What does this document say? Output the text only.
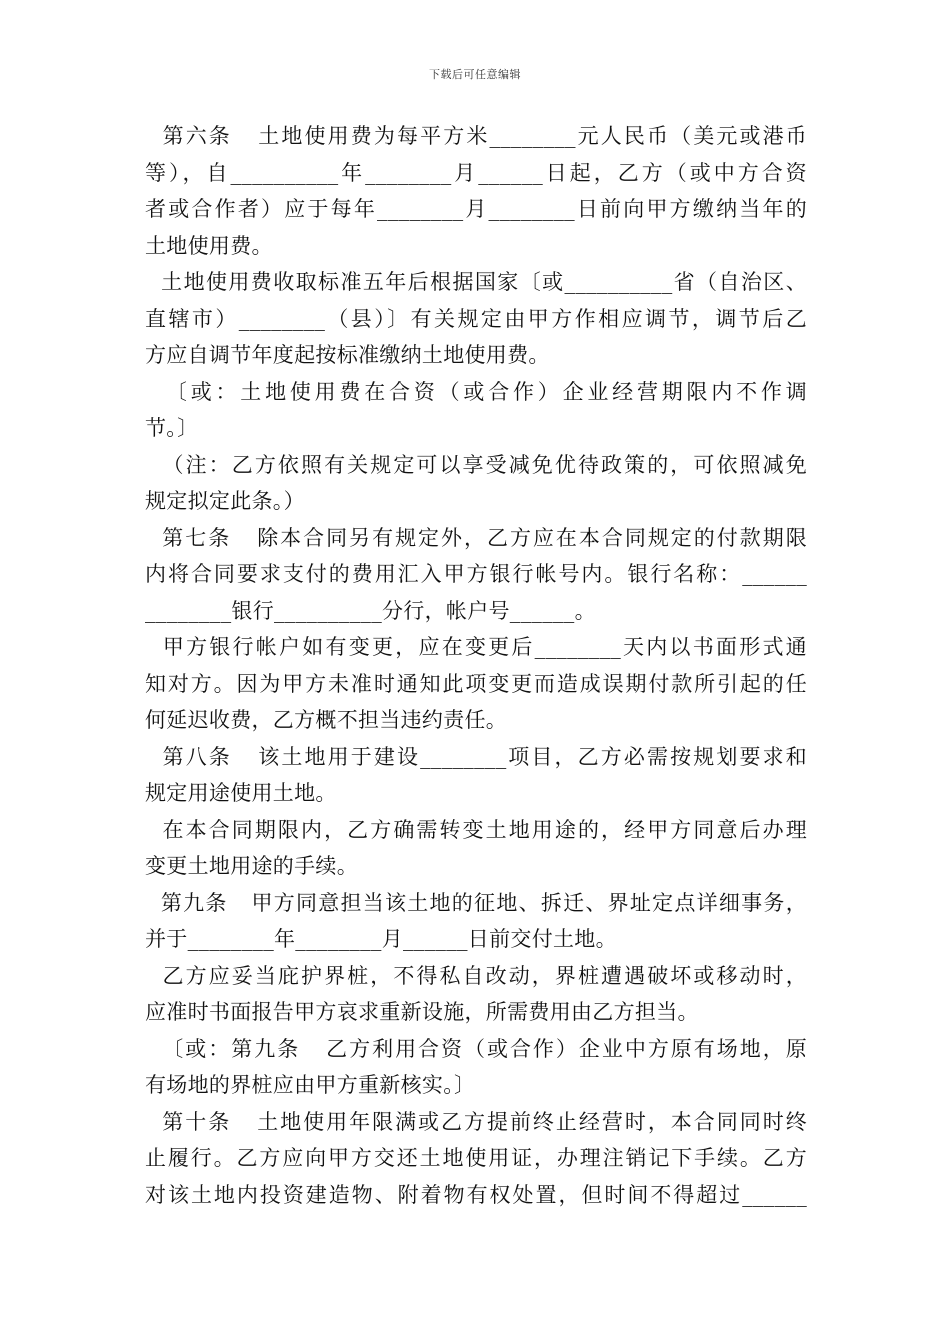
下载后可任意编辑
第六条   土地使用费为每平方米________元人民币（美元或港币
等），自__________年________月______日起，乙方（或中方合资
者或合作者）应于每年________月________日前向甲方缴纳当年的
土地使用费。
土地使用费收取标准五年后根据国家〔或__________省（自治区、
直辖市）________（县）〕有关规定由甲方作相应调节，调节后乙
方应自调节年度起按标准缴纳土地使用费。
〔或：土地使用费在合资（或合作）企业经营期限内不作调
节。〕
（注：乙方依照有关规定可以享受减免优待政策的，可依照减免
规定拟定此条。）
第七条   除本合同另有规定外，乙方应在本合同规定的付款期限
内将合同要求支付的费用汇入甲方银行帐号内。银行名称：______
________银行__________分行，帐户号______。
甲方银行帐户如有变更，应在变更后________天内以书面形式通
知对方。因为甲方未准时通知此项变更而造成误期付款所引起的任
何延迟收费，乙方概不担当违约责任。
第八条   该土地用于建设________项目，乙方必需按规划要求和
规定用途使用土地。
在本合同期限内，乙方确需转变土地用途的，经甲方同意后办理
变更土地用途的手续。
第九条   甲方同意担当该土地的征地、拆迁、界址定点详细事务，
并于________年________月______日前交付土地。
乙方应妥当庇护界桩，不得私自改动，界桩遭遇破坏或移动时，
应准时书面报告甲方哀求重新设施，所需费用由乙方担当。
〔或：第九条   乙方利用合资（或合作）企业中方原有场地，原
有场地的界桩应由甲方重新核实。〕
第十条   土地使用年限满或乙方提前终止经营时，本合同同时终
止履行。乙方应向甲方交还土地使用证，办理注销记下手续。乙方
对该土地内投资建造物、附着物有权处置，但时间不得超过______
